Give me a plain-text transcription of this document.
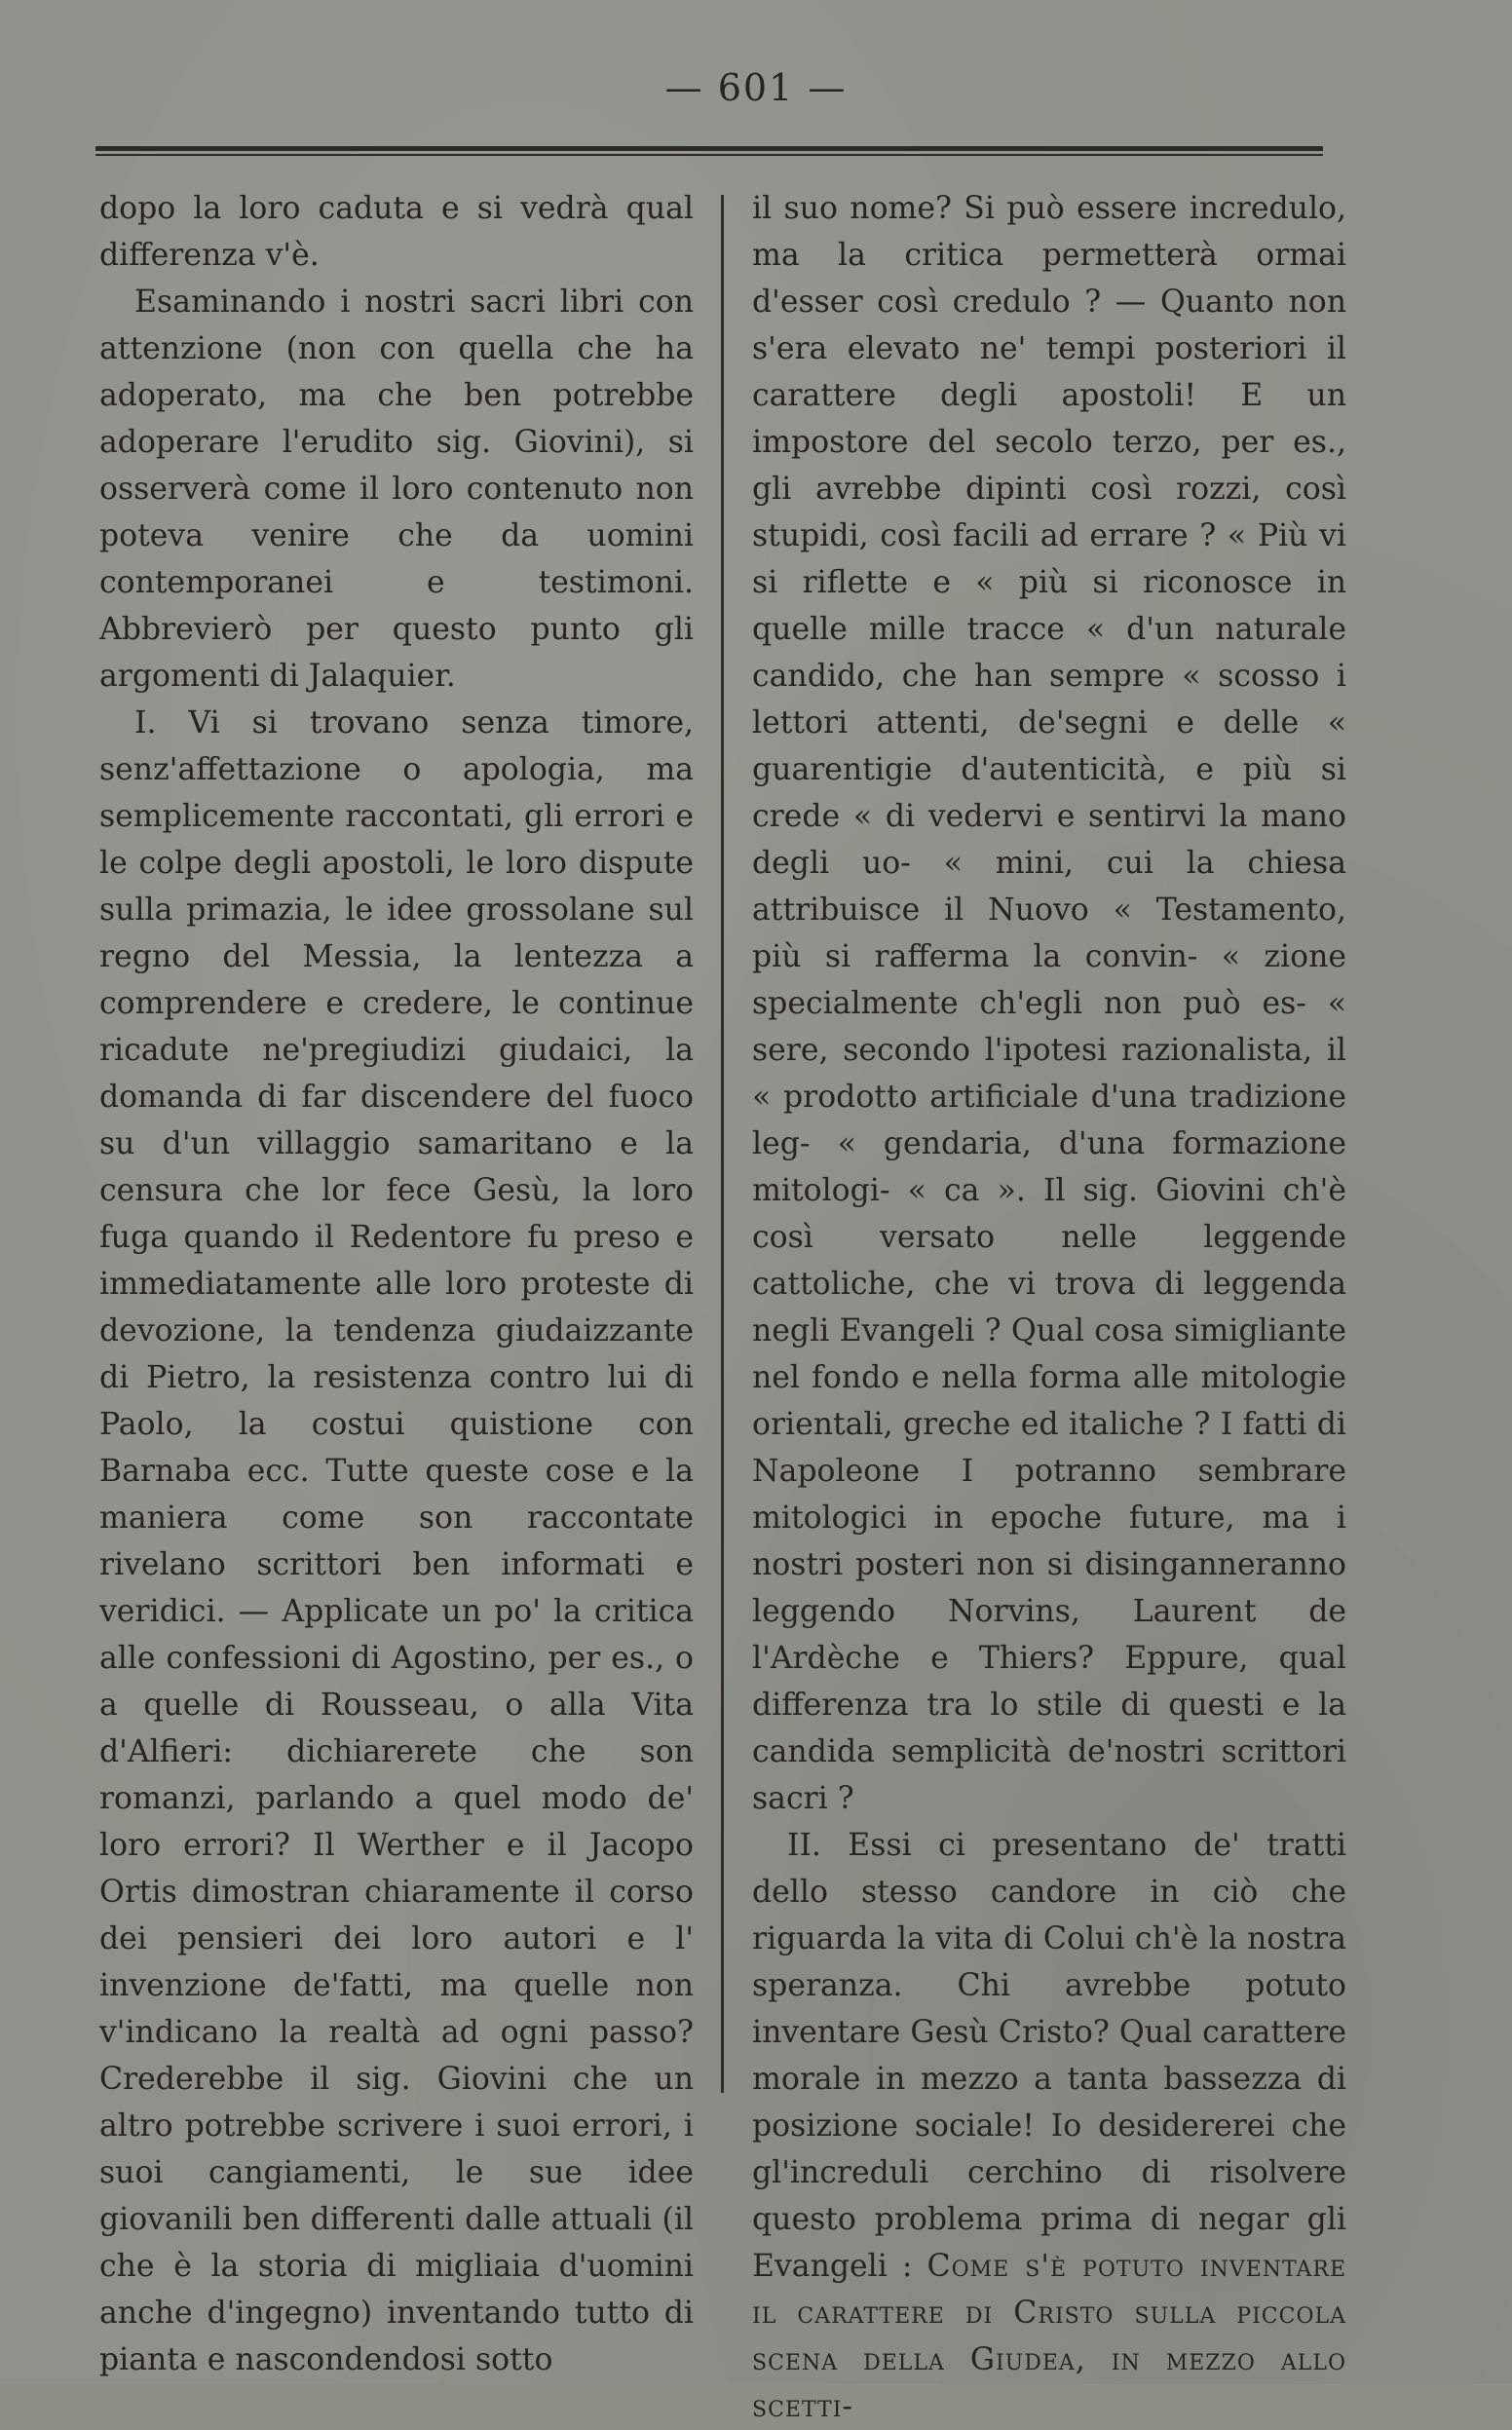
— 601 —

dopo la loro caduta e si vedrà qual differenza v'è.

Esaminando i nostri sacri libri con attenzione (non con quella che ha adoperato, ma che ben potrebbe adoperare l'erudito sig. Giovini), si osserverà come il loro contenuto non poteva venire che da uomini contemporanei e testimoni. Abbrevierò per questo punto gli argomenti di Jalaquier.

I. Vi si trovano senza timore, senz'affettazione o apologia, ma semplicemente raccontati, gli errori e le colpe degli apostoli, le loro dispute sulla primazia, le idee grossolane sul regno del Messia, la lentezza a comprendere e credere, le continue ricadute ne'pregiudizi giudaici, la domanda di far discendere del fuoco su d'un villaggio samaritano e la censura che lor fece Gesù, la loro fuga quando il Redentore fu preso e immediatamente alle loro proteste di devozione, la tendenza giudaizzante di Pietro, la resistenza contro lui di Paolo, la costui quistione con Barnaba ecc. Tutte queste cose e la maniera come son raccontate rivelano scrittori ben informati e veridici. — Applicate un po' la critica alle confessioni di Agostino, per es., o a quelle di Rousseau, o alla Vita d'Alfieri: dichiarerete che son romanzi, parlando a quel modo de' loro errori? Il Werther e il Jacopo Ortis dimostran chiaramente il corso dei pensieri dei loro autori e l' invenzione de'fatti, ma quelle non v'indicano la realtà ad ogni passo? Crederebbe il sig. Giovini che un altro potrebbe scrivere i suoi errori, i suoi cangiamenti, le sue idee giovanili ben differenti dalle attuali (il che è la storia di migliaia d'uomini anche d'ingegno) inventando tutto di pianta e nascondendosi sotto

il suo nome? Si può essere incredulo, ma la critica permetterà ormai d'esser così credulo ? — Quanto non s'era elevato ne' tempi posteriori il carattere degli apostoli! E un impostore del secolo terzo, per es., gli avrebbe dipinti così rozzi, così stupidi, così facili ad errare ? « Più vi si riflette e « più si riconosce in quelle mille tracce « d'un naturale candido, che han sempre « scosso i lettori attenti, de'segni e delle « guarentigie d'autenticità, e più si crede « di vedervi e sentirvi la mano degli uo- « mini, cui la chiesa attribuisce il Nuovo « Testamento, più si rafferma la convin- « zione specialmente ch'egli non può es- « sere, secondo l'ipotesi razionalista, il « prodotto artificiale d'una tradizione leg- « gendaria, d'una formazione mitologi- « ca ». Il sig. Giovini ch'è così versato nelle leggende cattoliche, che vi trova di leggenda negli Evangeli ? Qual cosa simigliante nel fondo e nella forma alle mitologie orientali, greche ed italiche ? I fatti di Napoleone I potranno sembrare mitologici in epoche future, ma i nostri posteri non si disinganneranno leggendo Norvins, Laurent de l'Ardèche e Thiers? Eppure, qual differenza tra lo stile di questi e la candida semplicità de'nostri scrittori sacri ?

II. Essi ci presentano de' tratti dello stesso candore in ciò che riguarda la vita di Colui ch'è la nostra speranza. Chi avrebbe potuto inventare Gesù Cristo? Qual carattere morale in mezzo a tanta bassezza di posizione sociale! Io desidererei che gl'increduli cerchino di risolvere questo problema prima di negar gli Evangeli : Come s'è potuto inventare il carattere di Cristo sulla piccola scena della Giudea, in mezzo allo scetti-
